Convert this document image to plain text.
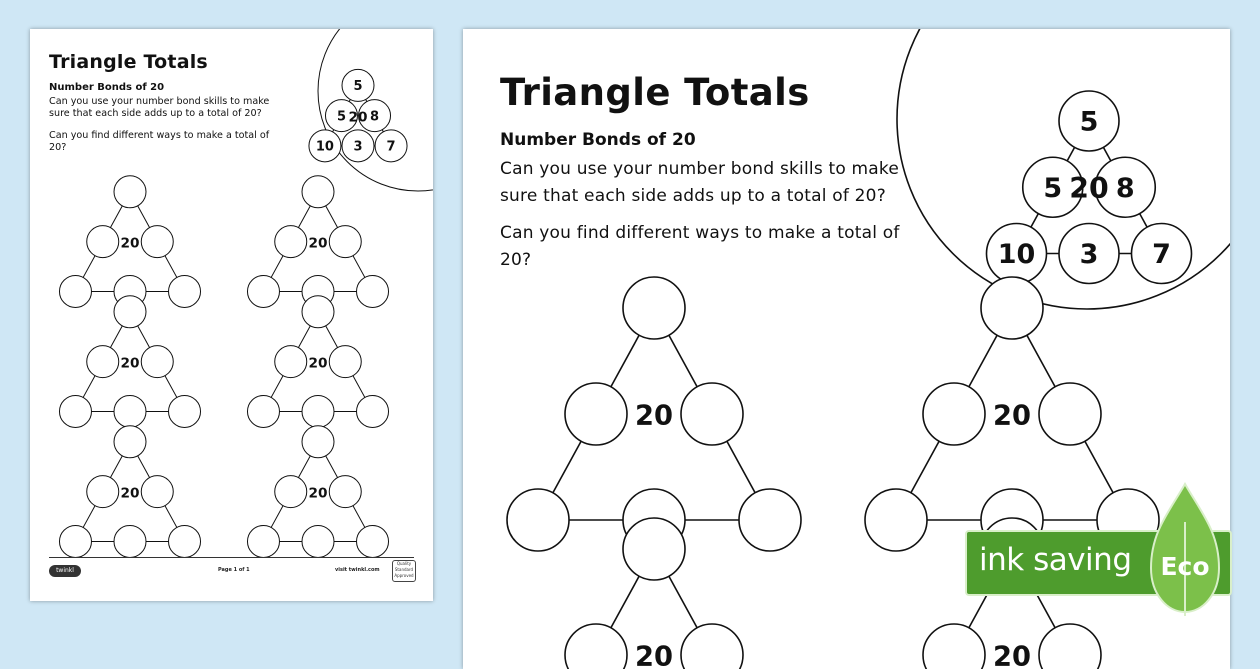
Triangle Totals

Number Bonds of 20

Can you use your number bond skills to make sure that each side adds up to a total of 20?

Can you find different ways to make a total of 20?

5
5 8
10 3 7
20
20	20
20	20
20	20
twinkl	Page 1 of 1	visit twinkl.com
Quality Standard Approved

Triangle Totals

Number Bonds of 20

Can you use your number bond skills to make sure that each side adds up to a total of 20?

Can you find different ways to make a total of 20?

5
5 8
10 3 7
20
20	20
20	20
ink saving Eco
